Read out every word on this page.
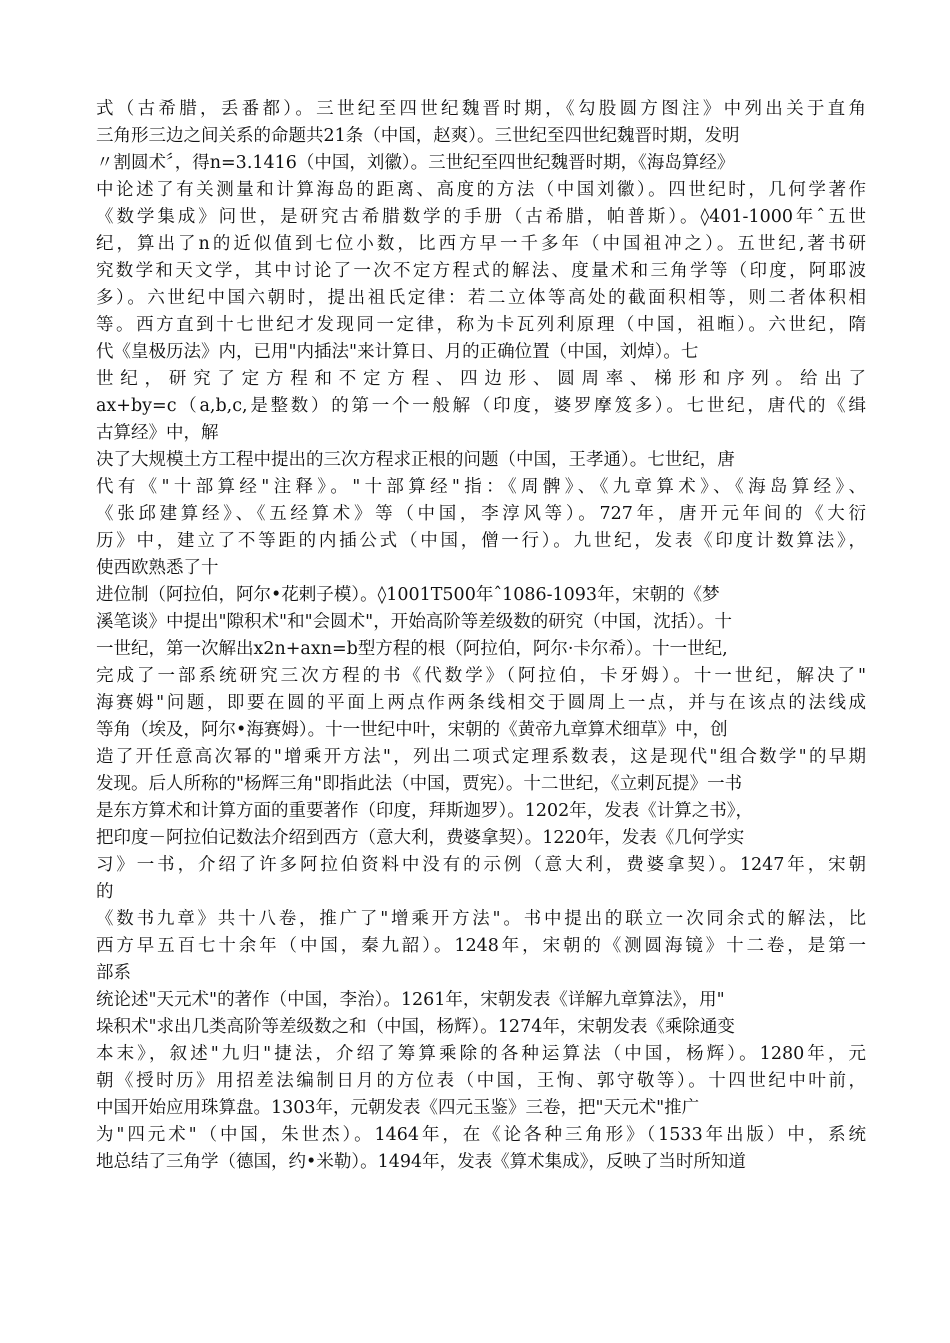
式（古希腊，丢番都）。三世纪至四世纪魏晋时期，《勾股圆方图注》中列出关于直角
三角形三边之间关系的命题共21条（中国，赵爽）。三世纪至四世纪魏晋时期，发明
〃割圆术〞，得n=3.1416（中国，刘徽）。三世纪至四世纪魏晋时期，《海岛算经》
中论述了有关测量和计算海岛的距离、高度的方法（中国刘徽）。四世纪时，几何学著作
《数学集成》问世，是研究古希腊数学的手册（古希腊，帕普斯）。◊401-1000年ˆ五世
纪，算出了n的近似值到七位小数，比西方早一千多年（中国祖冲之）。五世纪,著书研
究数学和天文学，其中讨论了一次不定方程式的解法、度量术和三角学等（印度，阿耶波
多）。六世纪中国六朝时，提出祖氏定律：若二立体等高处的截面积相等，则二者体积相
等。西方直到十七世纪才发现同一定律，称为卡瓦列利原理（中国，祖暅）。六世纪，隋
代《皇极历法》内，已用"内插法"来计算日、月的正确位置（中国，刘焯）。七
世纪，研究了定方程和不定方程、四边形、圆周率、梯形和序列。给出了
ax+by=c（a,b,c,是整数）的第一个一般解（印度，婆罗摩笈多）。七世纪，唐代的《缉
古算经》中，解
决了大规模土方工程中提出的三次方程求正根的问题（中国，王孝通）。七世纪，唐
代有《"十部算经"注释》。"十部算经"指：《周髀》、《九章算术》、《海岛算经》、
《张邱建算经》、《五经算术》等（中国，李淳风等）。727年，唐开元年间的《大衍
历》中，建立了不等距的内插公式（中国，僧一行）。九世纪，发表《印度计数算法》，
使西欧熟悉了十
进位制（阿拉伯，阿尔•花剌子模）。◊1001T500年ˆ1086-1093年，宋朝的《梦
溪笔谈》中提出"隙积术"和"会圆术"，开始高阶等差级数的研究（中国，沈括）。十
一世纪，第一次解出x2n+axn=b型方程的根（阿拉伯，阿尔·卡尔希）。十一世纪,
完成了一部系统研究三次方程的书《代数学》（阿拉伯，卡牙姆）。十一世纪，解决了"
海赛姆"问题，即要在圆的平面上两点作两条线相交于圆周上一点，并与在该点的法线成
等角（埃及，阿尔•海赛姆）。十一世纪中叶，宋朝的《黄帝九章算术细草》中，创
造了开任意高次幂的"增乘开方法"，列出二项式定理系数表，这是现代"组合数学"的早期
发现。后人所称的"杨辉三角"即指此法（中国，贾宪）。十二世纪，《立剌瓦提》一书
是东方算术和计算方面的重要著作（印度，拜斯迦罗）。1202年，发表《计算之书》，
把印度－阿拉伯记数法介绍到西方（意大利，费婆拿契）。1220年，发表《几何学实
习》一书，介绍了许多阿拉伯资料中没有的示例（意大利，费婆拿契）。1247年，宋朝
的
《数书九章》共十八卷，推广了"增乘开方法"。书中提出的联立一次同余式的解法，比
西方早五百七十余年（中国，秦九韶）。1248年，宋朝的《测圆海镜》十二卷，是第一
部系
统论述"天元术"的著作（中国，李治）。1261年，宋朝发表《详解九章算法》，用"
垛积术"求出几类高阶等差级数之和（中国，杨辉）。1274年，宋朝发表《乘除通变
本末》，叙述"九归"捷法，介绍了筹算乘除的各种运算法（中国，杨辉）。1280年，元
朝《授时历》用招差法编制日月的方位表（中国，王恂、郭守敬等）。十四世纪中叶前，
中国开始应用珠算盘。1303年，元朝发表《四元玉鉴》三卷，把"天元术"推广
为"四元术"（中国，朱世杰）。1464年，在《论各种三角形》（1533年出版）中，系统
地总结了三角学（德国，约•米勒）。1494年，发表《算术集成》，反映了当时所知道
